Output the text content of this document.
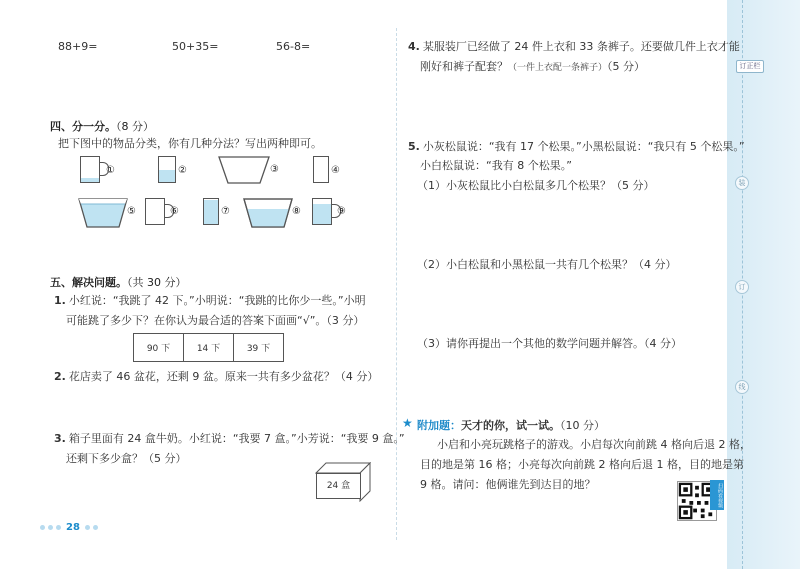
订正栏
装
订
线
88+9=	50+35=	56-8=
四、分一分。（8 分）
把下图中的物品分类，你有几种分法？写出两种即可。
①	②	③	④
⑤	⑥	⑦	⑧	⑨
五、解决问题。（共 30 分）
1. 小红说：“我跳了 42 下。”小明说：“我跳的比你少一些。”小明
可能跳了多少下？在你认为最合适的答案下面画“√”。（3 分）
90 下	14 下	39 下
2. 花店卖了 46 盆花，还剩 9 盆。原来一共有多少盆花？（4 分）
3. 箱子里面有 24 盒牛奶。小红说：“我要 7 盒。”小芳说：“我要 9 盒。”
还剩下多少盒？（5 分）
24 盒
4. 某服装厂已经做了 24 件上衣和 33 条裤子。还要做几件上衣才能
刚好和裤子配套？（一件上衣配一条裤子）（5 分）
5. 小灰松鼠说：“我有 17 个松果。”小黑松鼠说：“我只有 5 个松果。”
小白松鼠说：“我有 8 个松果。”
（1）小灰松鼠比小白松鼠多几个松果？（5 分）
（2）小白松鼠和小黑松鼠一共有几个松果？（4 分）
（3）请你再提出一个其他的数学问题并解答。（4 分）
★ 附加题：天才的你，试一试。（10 分）
小启和小亮玩跳格子的游戏。小启每次向前跳 4 格向后退 2 格，
目的地是第 16 格；小亮每次向前跳 2 格向后退 1 格，目的地是第
9 格。请问：他俩谁先到达目的地？	扫码看视频
28
